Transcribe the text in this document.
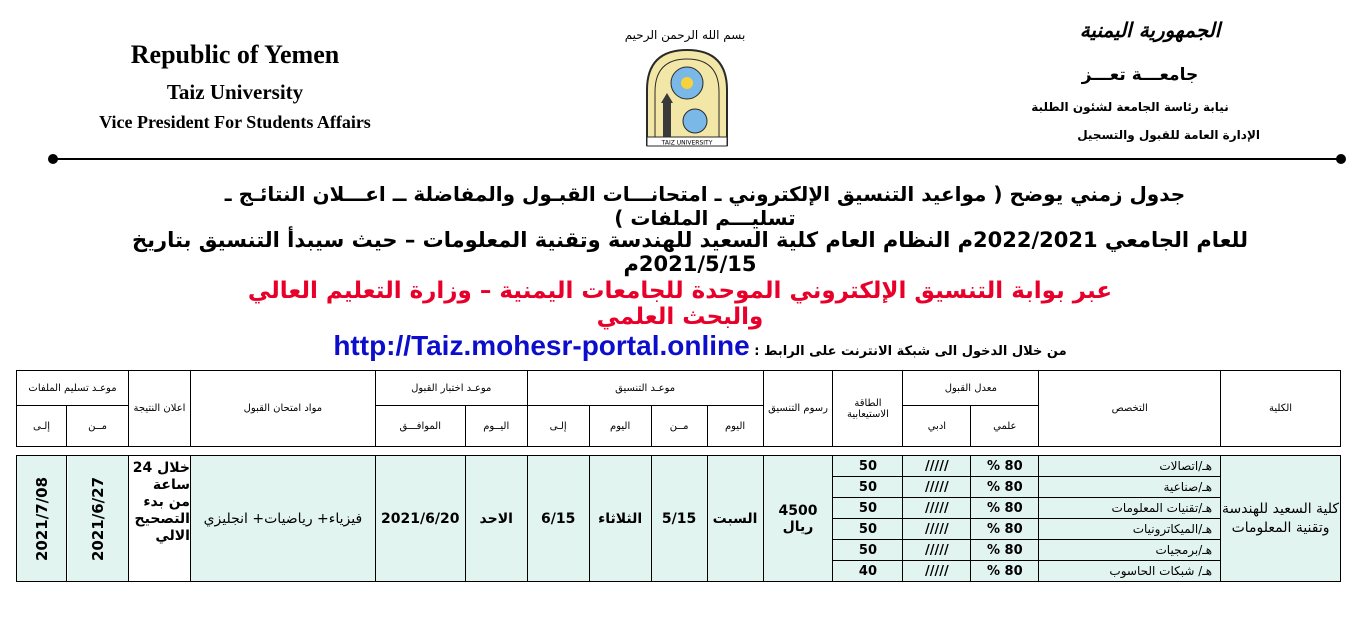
Republic of Yemen
Taiz University
Vice President For Students Affairs
بسم الله الرحمن الرحيم
TAIZ UNIVERSITY
الجمهورية اليمنية
جامعـــة تعـــز
نيابة رئاسة الجامعة لشئون الطلبة
الإدارة العامة للقبول والتسجيل
جدول زمني يوضح ( مواعيد التنسيق الإلكتروني ـ امتحانـــات القبـول والمفاضلة ــ اعـــلان النتائـج ـ تسليـــم الملفات )
للعام الجامعي 2022/2021م النظام العام كلية السعيد للهندسة وتقنية المعلومات – حيث سيبدأ التنسيق بتاريخ 2021/5/15م
عبر بوابة التنسيق الإلكتروني الموحدة للجامعات اليمنية – وزارة التعليم العالي والبحث العلمي
من خلال الدخول الى شبكة الانترنت على الرابط : http://Taiz.mohesr-portal.online
الكلية	التخصص	معدل القبول		الطاقة الاستيعابية	رسوم التنسيق	موعـد التنسيق				موعـد اختبار القبول		مواد امتحان القبول	اعلان النتيجة	موعـد تسليم الملفات	
		علمي	ادبي			اليوم	مــن	اليوم	إلـى	اليــوم	الموافـــق			مــن	إلـى

كلية السعيد للهندسة وتقنية المعلومات	هـ/اتصالات	80 %	/////	50	4500 ريال	السبت	5/15	الثلاثاء	6/15	الاحد	2021/6/20	فيزياء+ رياضيات+ انجليزي	خلال 24 ساعة من بدء التصحيح الالي	2021/6/27	2021/7/08
	هـ/صناعية	80 %	/////	50											
	هـ/تقنيات المعلومات	80 %	/////	50											
	هـ/الميكاترونيات	80 %	/////	50											
	هـ/برمجيات	80 %	/////	50											
	هـ/ شبكات الحاسوب	80 %	/////	40											
